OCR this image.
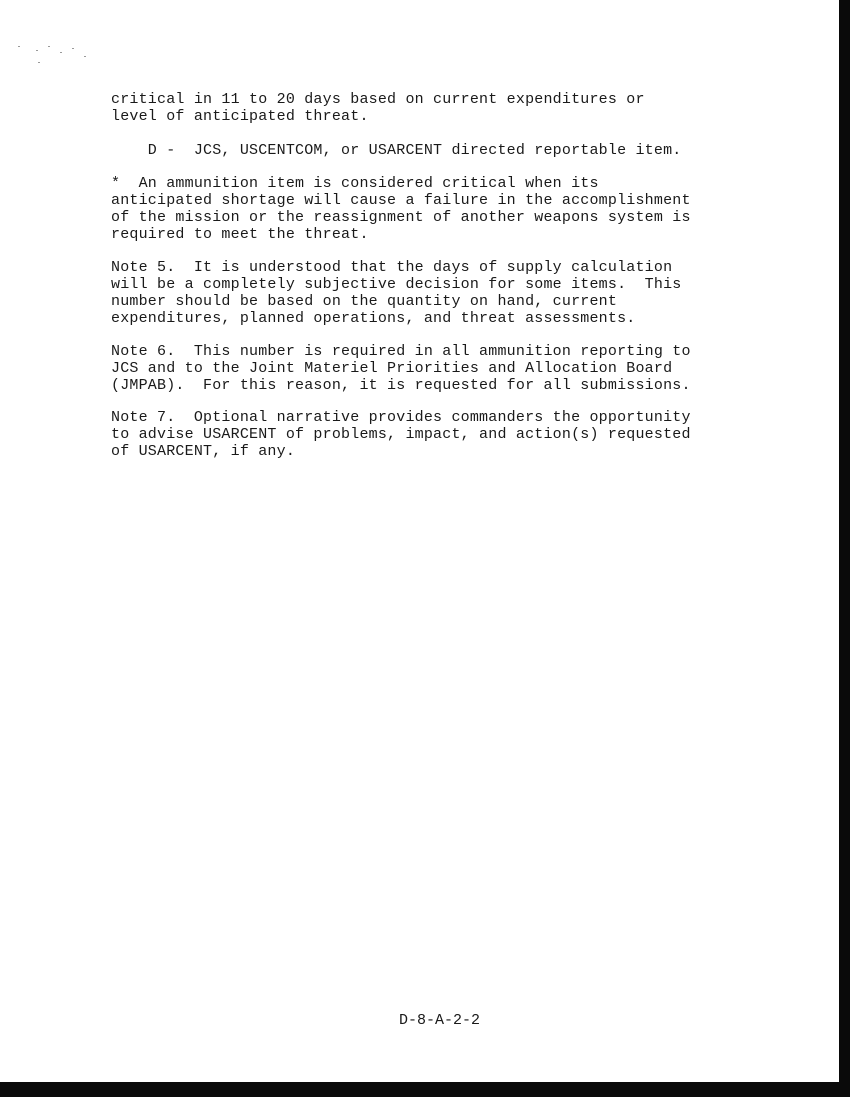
critical in 11 to 20 days based on current expenditures or
level of anticipated threat.

D -  JCS, USCENTCOM, or USARCENT directed reportable item.

*  An ammunition item is considered critical when its
anticipated shortage will cause a failure in the accomplishment
of the mission or the reassignment of another weapons system is
required to meet the threat.

Note 5.  It is understood that the days of supply calculation
will be a completely subjective decision for some items.  This
number should be based on the quantity on hand, current
expenditures, planned operations, and threat assessments.

Note 6.  This number is required in all ammunition reporting to
JCS and to the Joint Materiel Priorities and Allocation Board
(JMPAB).  For this reason, it is requested for all submissions.

Note 7.  Optional narrative provides commanders the opportunity
to advise USARCENT of problems, impact, and action(s) requested
of USARCENT, if any.

D-8-A-2-2
